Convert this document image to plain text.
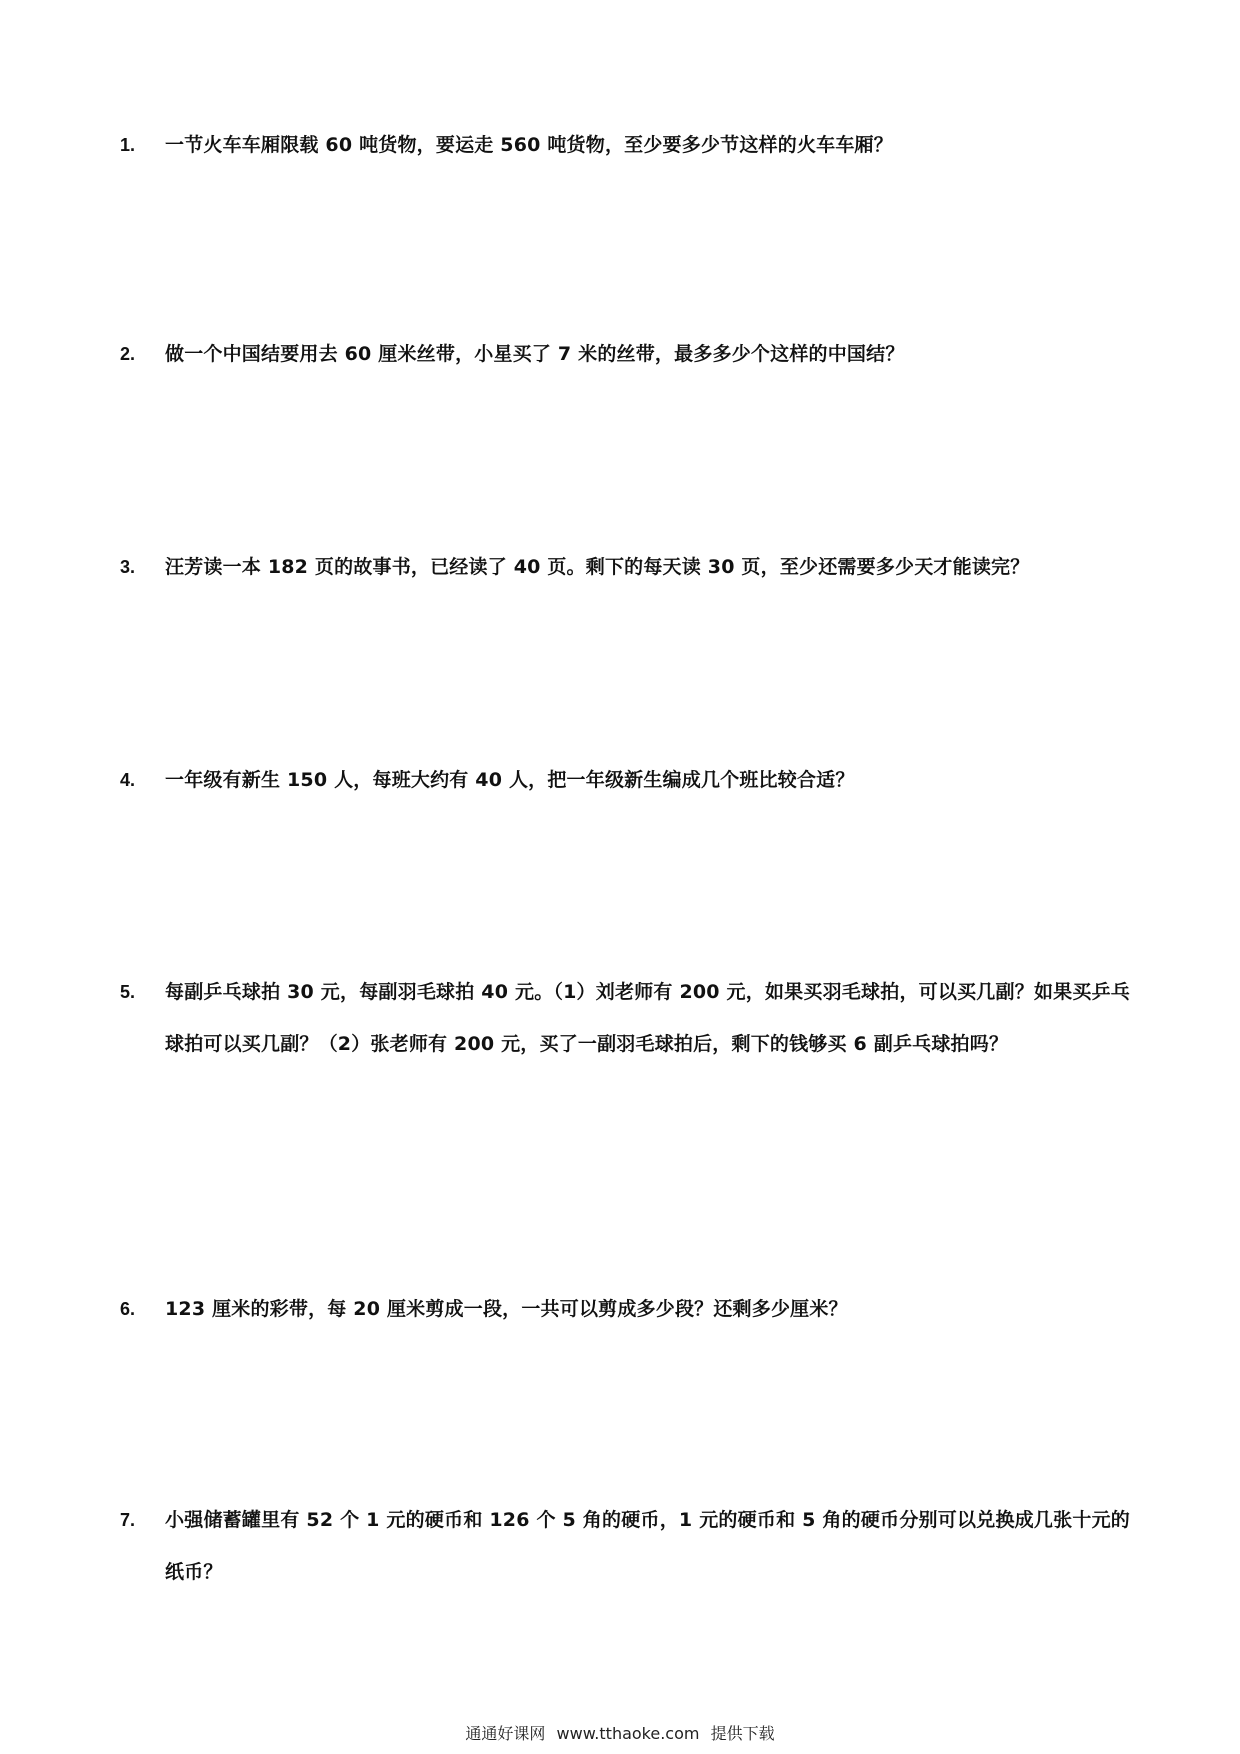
1. 一节火车车厢限载 60 吨货物，要运走 560 吨货物，至少要多少节这样的火车车厢？
2. 做一个中国结要用去 60 厘米丝带，小星买了 7 米的丝带，最多多少个这样的中国结？
3. 汪芳读一本 182 页的故事书，已经读了 40 页。剩下的每天读 30 页，至少还需要多少天才能读完？
4. 一年级有新生 150 人，每班大约有 40 人，把一年级新生编成几个班比较合适？
5. 每副乒乓球拍 30 元，每副羽毛球拍 40 元。（1）刘老师有 200 元，如果买羽毛球拍，可以买几副？如果买乒乓球拍可以买几副？（2）张老师有 200 元，买了一副羽毛球拍后，剩下的钱够买 6 副乒乓球拍吗？
6. 123 厘米的彩带，每 20 厘米剪成一段，一共可以剪成多少段？还剩多少厘米？
7. 小强储蓄罐里有 52 个 1 元的硬币和 126 个 5 角的硬币，1 元的硬币和 5 角的硬币分别可以兑换成几张十元的纸币？
通通好课网 www.tthaoke.com 提供下载
